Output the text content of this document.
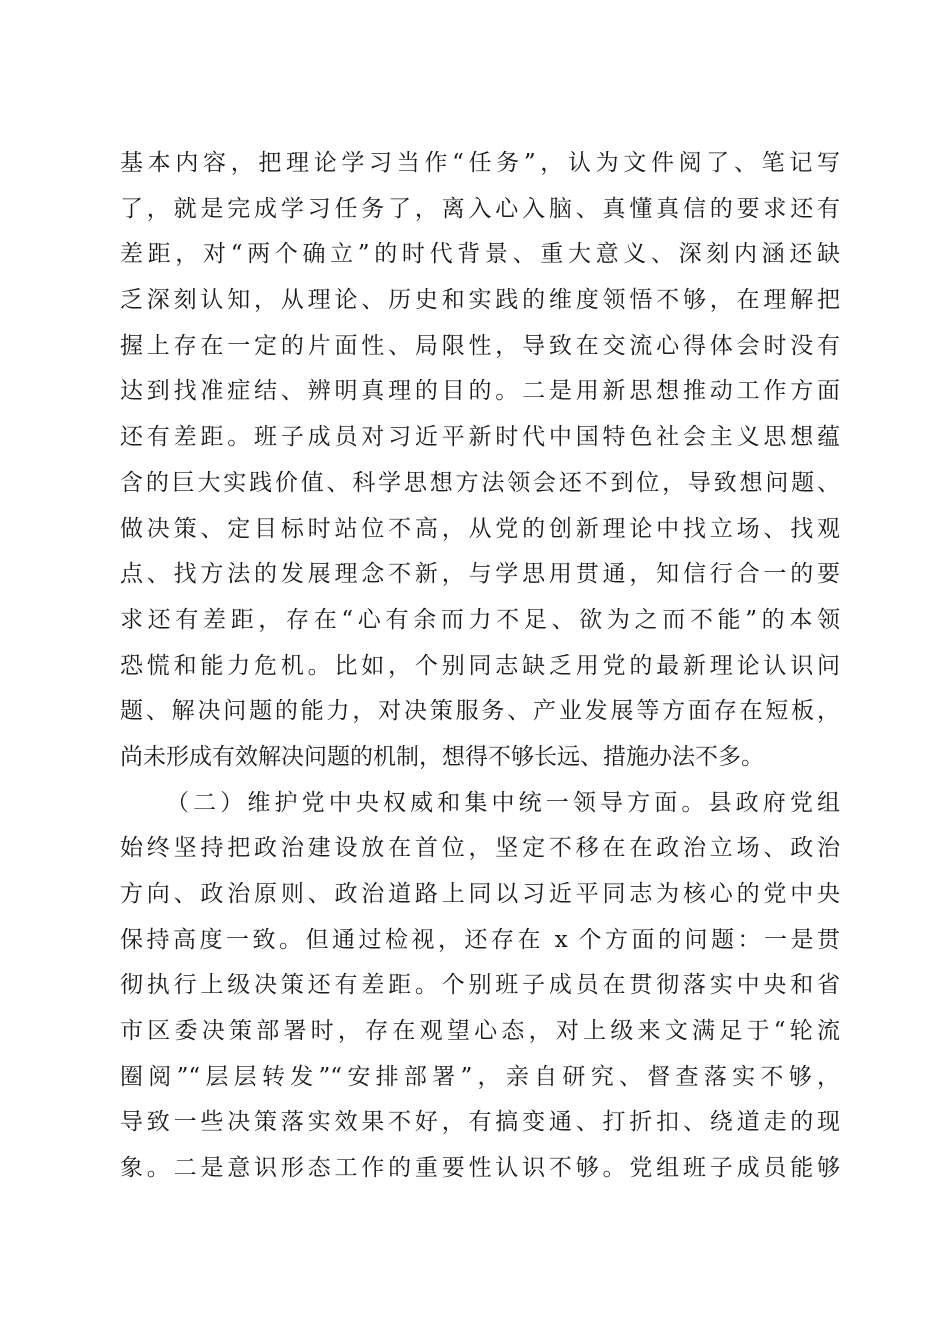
基本内容，把理论学习当作“任务”，认为文件阅了、笔记写
了，就是完成学习任务了，离入心入脑、真懂真信的要求还有
差距，对“两个确立”的时代背景、重大意义、深刻内涵还缺
乏深刻认知，从理论、历史和实践的维度领悟不够，在理解把
握上存在一定的片面性、局限性，导致在交流心得体会时没有
达到找准症结、辨明真理的目的。二是用新思想推动工作方面
还有差距。班子成员对习近平新时代中国特色社会主义思想蕴
含的巨大实践价值、科学思想方法领会还不到位，导致想问题、
做决策、定目标时站位不高，从党的创新理论中找立场、找观
点、找方法的发展理念不新，与学思用贯通，知信行合一的要
求还有差距，存在“心有余而力不足、欲为之而不能”的本领
恐慌和能力危机。比如，个别同志缺乏用党的最新理论认识问
题、解决问题的能力，对决策服务、产业发展等方面存在短板，
尚未形成有效解决问题的机制，想得不够长远、措施办法不多。
（二）维护党中央权威和集中统一领导方面。县政府党组
始终坚持把政治建设放在首位，坚定不移在在政治立场、政治
方向、政治原则、政治道路上同以习近平同志为核心的党中央
保持高度一致。但通过检视，还存在 x 个方面的问题：一是贯
彻执行上级决策还有差距。个别班子成员在贯彻落实中央和省
市区委决策部署时，存在观望心态，对上级来文满足于“轮流
圈阅”“层层转发”“安排部署”，亲自研究、督查落实不够，
导致一些决策落实效果不好，有搞变通、打折扣、绕道走的现
象。二是意识形态工作的重要性认识不够。党组班子成员能够
